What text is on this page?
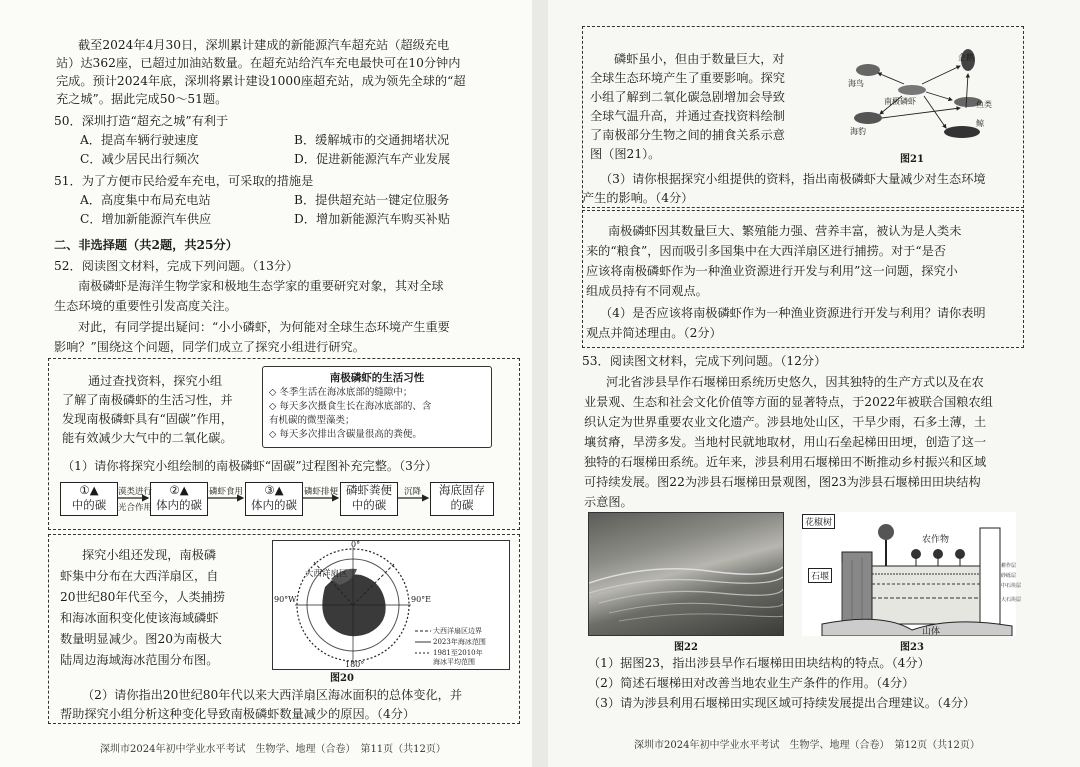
截至2024年4月30日，深圳累计建成的新能源汽车超充站（超级充电
站）达362座，已超过加油站数量。在超充站给汽车充电最快可在10分钟内
完成。预计2024年底，深圳将累计建设1000座超充站，成为领先全球的“超
充之城”。据此完成50～51题。
50．深圳打造“超充之城”有利于
A．提高车辆行驶速度	B．缓解城市的交通拥堵状况
C．减少居民出行频次	D．促进新能源汽车产业发展
51．为了方便市民给爱车充电，可采取的措施是
A．高度集中布局充电站	B．提供超充站一键定位服务
C．增加新能源汽车供应	D．增加新能源汽车购买补贴
二、非选择题（共2题，共25分）
52．阅读图文材料，完成下列问题。（13分）
南极磷虾是海洋生物学家和极地生态学家的重要研究对象，其对全球
生态环境的重要性引发高度关注。
对此，有同学提出疑问：“小小磷虾，为何能对全球生态环境产生重要
影响？”围绕这个问题，同学们成立了探究小组进行研究。
通过查找资料，探究小组
了解了南极磷虾的生活习性，并
发现南极磷虾具有“固碳”作用，
能有效减少大气中的二氧化碳。
南极磷虾的生活习性
◇ 冬季生活在海冰底部的缝隙中；
◇ 每天多次摄食生长在海冰底部的、含
有机碳的微型藻类；
◇ 每天多次排出含碳量很高的粪便。
（1）请你将探究小组绘制的南极磷虾“固碳”过程图补充完整。（3分）
①▲
中的碳
②▲
体内的碳
③▲
体内的碳
磷虾粪便
中的碳
海底固存
的碳
漠类进行
光合作用
磷虾食用	磷虾排便	沉降
探究小组还发现，南极磷
虾集中分布在大西洋扇区，自
20世纪80年代至今，人类捕捞
和海冰面积变化使该海域磷虾
数量明显减少。图20为南极大
陆周边海域海冰范围分布图。
0°
90°W	90°E
180°
大西洋扇区
大西洋扇区边界
2023年海冰范围
1981至2010年
海冰平均范围
图20
（2）请你指出20世纪80年代以来大西洋扇区海冰面积的总体变化，并
帮助探究小组分析这种变化导致南极磷虾数量减少的原因。（4分）
深圳市2024年初中学业水平考试　生物学、地理（合卷）　第11页（共12页）
磷虾虽小，但由于数量巨大，对
全球生态环境产生了重要影响。探究
小组了解到二氧化碳急剧增加会导致
全球气温升高，并通过查找资料绘制
了南极部分生物之间的捕食关系示意
图（图21）。
企鹅
海鸟
南极磷虾	鱼类
海豹
鲸
图21
（3）请你根据探究小组提供的资料，指出南极磷虾大量减少对生态环境
产生的影响。（4分）
南极磷虾因其数量巨大、繁殖能力强、营养丰富，被认为是人类未
来的“粮食”，因而吸引多国集中在大西洋扇区进行捕捞。对于“是否
应该将南极磷虾作为一种渔业资源进行开发与利用”这一问题，探究小
组成员持有不同观点。
（4）是否应该将南极磷虾作为一种渔业资源进行开发与利用？请你表明
观点并简述理由。（2分）
53．阅读图文材料，完成下列问题。（12分）
河北省涉县旱作石堰梯田系统历史悠久，因其独特的生产方式以及在农
业景观、生态和社会文化价值等方面的显著特点，于2022年被联合国粮农组
织认定为世界重要农业文化遗产。涉县地处山区，干旱少雨，石多土薄，土
壤贫瘠，旱涝多发。当地村民就地取材，用山石垒起梯田田埂，创造了这一
独特的石堰梯田系统。近年来，涉县利用石堰梯田不断推动乡村振兴和区域
可持续发展。图22为涉县石堰梯田景观图，图23为涉县石堰梯田田块结构
示意图。
图22
花椒树
农作物
石堰
山体
耕作层
砂砾层
中石块层
大石块层
图23
（1）据图23，指出涉县旱作石堰梯田田块结构的特点。（4分）
（2）简述石堰梯田对改善当地农业生产条件的作用。（4分）
（3）请为涉县利用石堰梯田实现区域可持续发展提出合理建议。（4分）
深圳市2024年初中学业水平考试　生物学、地理（合卷）　第12页（共12页）
